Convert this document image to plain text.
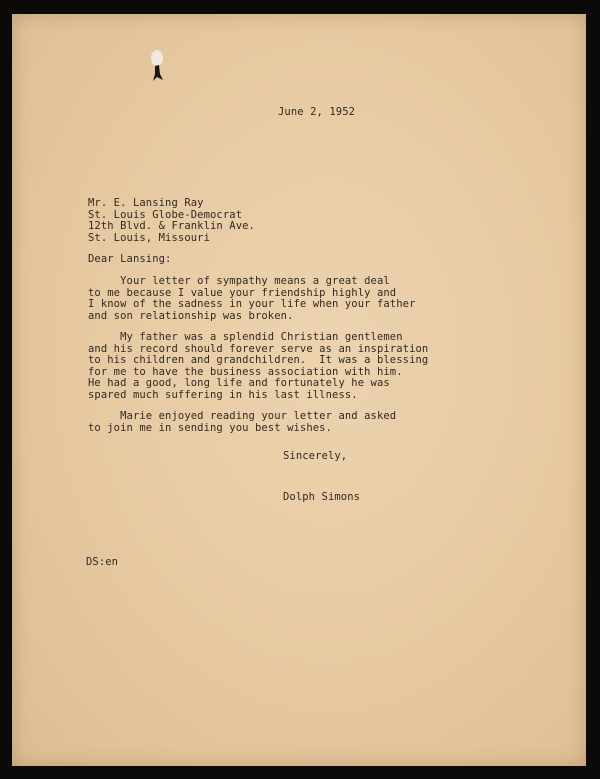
June 2, 1952
Mr. E. Lansing Ray
St. Louis Globe-Democrat
12th Blvd. & Franklin Ave.
St. Louis, Missouri
Dear Lansing:
Your letter of sympathy means a great deal
to me because I value your friendship highly and
I know of the sadness in your life when your father
and son relationship was broken.
My father was a splendid Christian gentlemen
and his record should forever serve as an inspiration
to his children and grandchildren.  It was a blessing
for me to have the business association with him.
He had a good, long life and fortunately he was
spared much suffering in his last illness.
Marie enjoyed reading your letter and asked
to join me in sending you best wishes.
Sincerely,
Dolph Simons
DS:en
